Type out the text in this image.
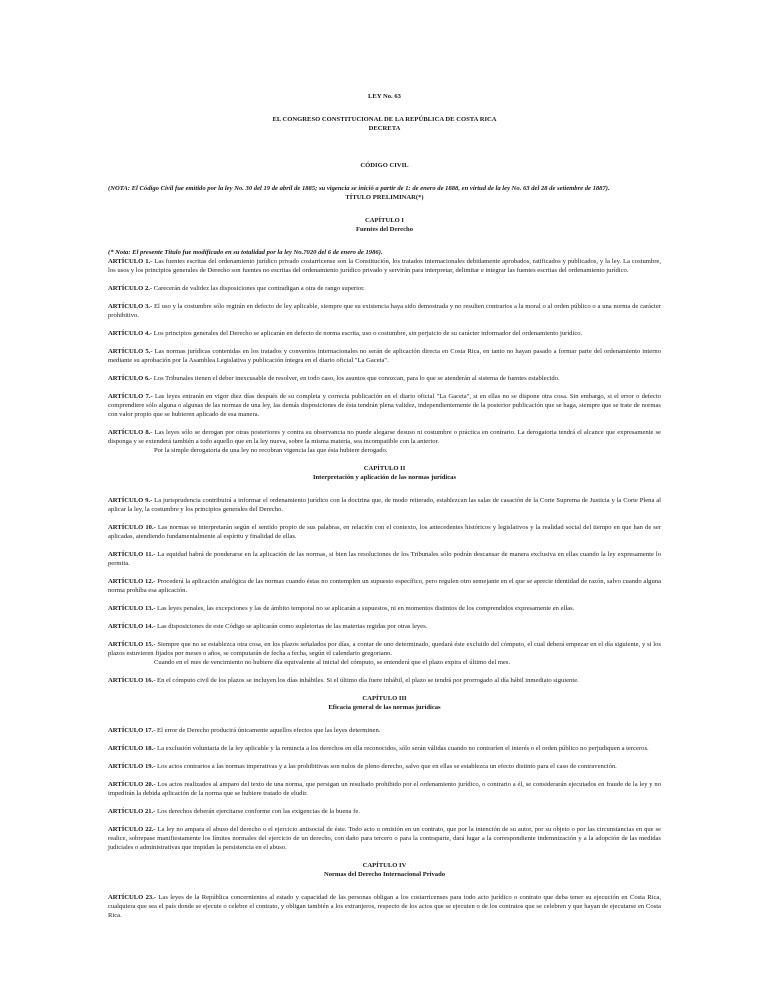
LEY No. 63

EL CONGRESO CONSTITUCIONAL DE LA REPÚBLICA DE COSTA RICA

DECRETA

CÓDIGO CIVIL

(NOTA: El Código Civil fue emitido por la ley No. 30 del 19 de abril de 1885; su vigencia se inició a partir de 1: de enero de 1888, en virtud de la ley No. 63 del 28 de setiembre de 1887).

TÍTULO PRELIMINAR(*)

CAPÍTULO I

Fuentes del Derecho

(* Nota: El presente Título fue modificado en su totalidad por la ley No.7020 del 6 de enero de 1986).

ARTÍCULO 1.- Las fuentes escritas del ordenamiento jurídico privado costarricense son la Constitución, los tratados internacionales debidamente aprobados, ratificados y publicados, y la ley. La costumbre, los usos y los principios generales de Derecho son fuentes no escritas del ordenamiento jurídico privado y servirán para interpretar, delimitar e integrar las fuentes escritas del ordenamiento jurídico.

ARTÍCULO 2.- Carecerán de validez las disposiciones que contradigan a otra de rango superior.

ARTÍCULO 3.- El uso y la costumbre sólo regirán en defecto de ley aplicable, siempre que su existencia haya sido demostrada y no resulten contrarios a la moral o al orden público o a una norma de carácter prohibitivo.

ARTÍCULO 4.- Los principios generales del Derecho se aplicarán en defecto de norma escrita, uso o costumbre, sin perjuicio de su carácter informador del ordenamiento jurídico.

ARTÍCULO 5.- Las normas jurídicas contenidas en los tratados y convenios internacionales no serán de aplicación directa en Costa Rica, en tanto no hayan pasado a formar parte del ordenamiento interno mediante su aprobación por la Asamblea Legislativa y publicación íntegra en el diario oficial "La Gaceta".

ARTÍCULO 6.- Los Tribunales tienen el deber inexcusable de resolver, en todo caso, los asuntos que conozcan, para lo que se atenderán al sistema de fuentes establecido.

ARTÍCULO 7.- Las leyes entrarán en vigor diez días después de su completa y correcta publicación en el diario oficial "La Gaceta", si en ellas no se dispone otra cosa. Sin embargo, si el error o defecto comprendiere sólo alguna o algunas de las normas de una ley, las demás disposiciones de ésta tendrán plena validez, independientemente de la posterior publicación que se haga, siempre que se trate de normas con valor propio que se hubieren aplicado de esa manera.

ARTÍCULO 8.- Las leyes sólo se derogan por otras posteriores y contra su observancia no puede alegarse desuso ni costumbre o práctica en contrario. La derogatoria tendrá el alcance que expresamente se disponga y se extenderá también a todo aquello que en la ley nueva, sobre la misma materia, sea incompatible con la anterior.

Por la simple derogatoria de una ley no recobran vigencia las que ésta hubiere derogado.

CAPÍTULO II

Interpretación y aplicación de las normas jurídicas

ARTÍCULO 9.- La jurisprudencia contribuirá a informar el ordenamiento jurídico con la doctrina que, de modo reiterado, establezcan las salas de casación de la Corte Suprema de Justicia y la Corte Plena al aplicar la ley, la costumbre y los principios generales del Derecho.

ARTÍCULO 10.- Las normas se interpretarán según el sentido propio de sus palabras, en relación con el contexto, los antecedentes históricos y legislativos y la realidad social del tiempo en que han de ser aplicadas, atendiendo fundamentalmente al espíritu y finalidad de ellas.

ARTÍCULO 11.- La equidad habrá de ponderarse en la aplicación de las normas, si bien las resoluciones de los Tribunales sólo podrán descansar de manera exclusiva en ellas cuando la ley expresamente lo permita.

ARTÍCULO 12.- Procederá la aplicación analógica de las normas cuando éstas no contemplen un supuesto específico, pero regulen otro semejante en el que se aprecie identidad de razón, salvo cuando alguna norma prohíba esa aplicación.

ARTÍCULO 13.- Las leyes penales, las excepciones y las de ámbito temporal no se aplicarán a supuestos, ni en momentos distintos de los comprendidos expresamente en ellas.

ARTÍCULO 14.- Las disposiciones de este Código se aplicarán como supletorias de las materias regidas por otras leyes.

ARTÍCULO 15.- Siempre que no se establezca otra cosa, en los plazos señalados por días, a contar de uno determinado, quedará éste excluido del cómputo, el cual deberá empezar en el día siguiente, y si los plazos estuvieren fijados por meses o años, se computarán de fecha a fecha, según el calendario gregoriano.

Cuando en el mes de vencimiento no hubiere día equivalente al inicial del cómputo, se entenderá que el plazo expira el último del mes.

ARTÍCULO 16.- En el cómputo civil de los plazos se incluyen los días inhábiles. Si el último día fuere inhábil, el plazo se tendrá por prorrogado al día hábil inmediato siguiente.

CAPÍTULO III

Eficacia general de las normas jurídicas

ARTÍCULO 17.- El error de Derecho producirá únicamente aquellos efectos que las leyes determinen.

ARTÍCULO 18.- La exclusión voluntaria de la ley aplicable y la renuncia a los derechos en ella reconocidos, sólo serán válidas cuando no contraríen el interés o el orden público no perjudiquen a terceros.

ARTÍCULO 19.- Los actos contrarios a las normas imperativas y a las prohibitivas son nulos de pleno derecho, salvo que en ellas se establezca un efecto distinto para el caso de contravención.

ARTÍCULO 20.- Los actos realizados al amparo del texto de una norma, que persigan un resultado prohibido por el ordenamiento jurídico, o contrario a él, se considerarán ejecutados en fraude de la ley y no impedirán la debida aplicación de la norma que se hubiere tratado de eludir.

ARTÍCULO 21.- Los derechos deberán ejercitarse conforme con las exigencias de la buena fe.

ARTÍCULO 22.- La ley no ampara el abuso del derecho o el ejercicio antisocial de éste. Todo acto u omisión en un contrato, que por la intención de su autor, por su objeto o por las circunstancias en que se realice, sobrepase manifiestamente los límites normales del ejercicio de un derecho, con daño para tercero o para la contraparte, dará lugar a la correspondiente indemnización y a la adopción de las medidas judiciales o administrativas que impidan la persistencia en el abuso.

CAPÍTULO IV

Normas del Derecho Internacional Privado

ARTÍCULO 23.- Las leyes de la República concernientes al estado y capacidad de las personas obligan a los costarricenses para todo acto jurídico o contrato que deba tener su ejecución en Costa Rica, cualquiera que sea el país donde se ejecute o celebre el contrato, y obligan también a los extranjeros, respecto de los actos que se ejecuten o de los contratos que se celebren y que hayan de ejecutarse en Costa Rica.
